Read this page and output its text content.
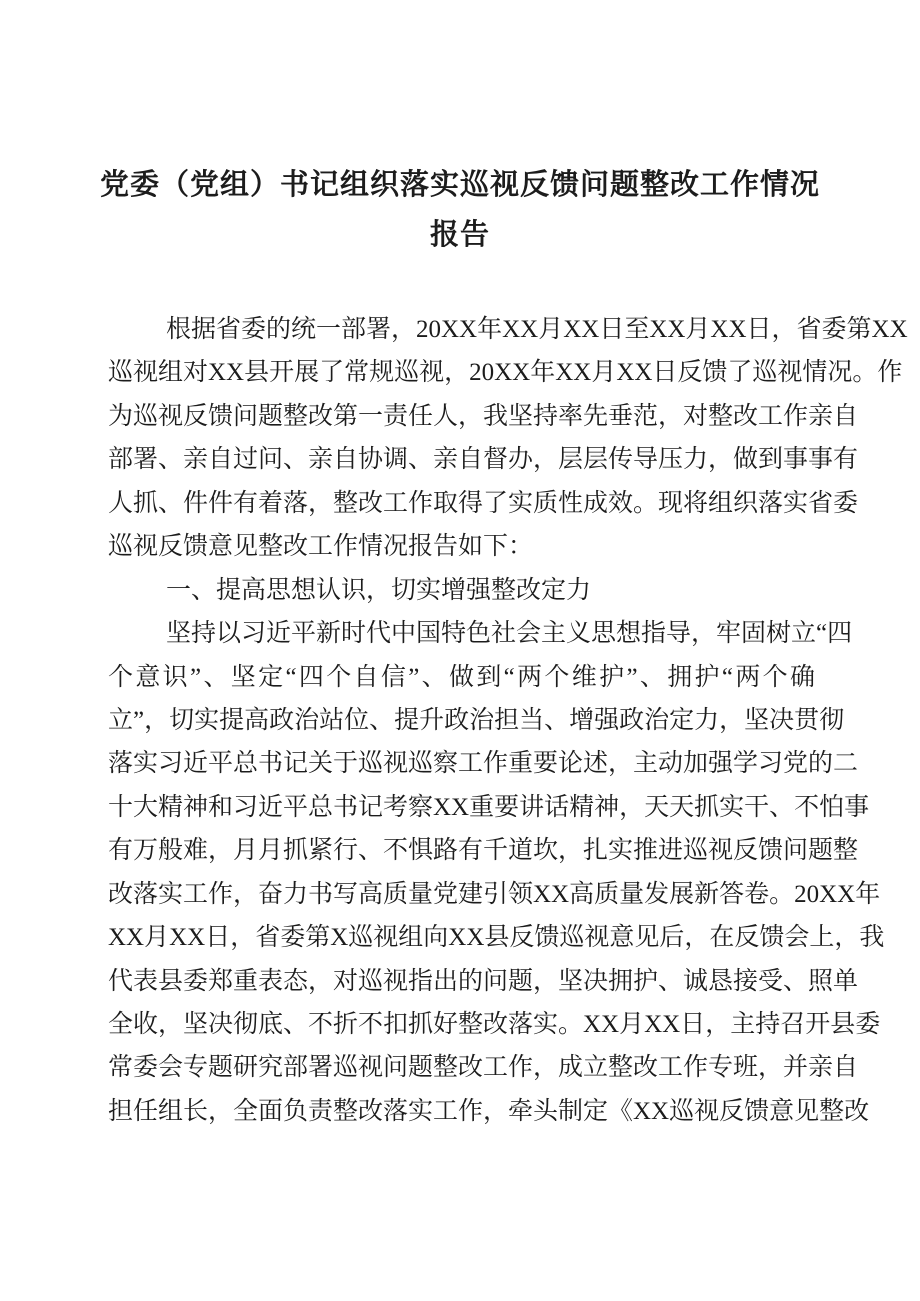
党委（党组）书记组织落实巡视反馈问题整改工作情况
报告
根据省委的统一部署，20XX年XX月XX日至XX月XX日，省委第XX
巡视组对XX县开展了常规巡视，20XX年XX月XX日反馈了巡视情况。作
为巡视反馈问题整改第一责任人，我坚持率先垂范，对整改工作亲自
部署、亲自过问、亲自协调、亲自督办，层层传导压力，做到事事有
人抓、件件有着落，整改工作取得了实质性成效。现将组织落实省委
巡视反馈意见整改工作情况报告如下：
一、提高思想认识，切实增强整改定力
坚持以习近平新时代中国特色社会主义思想指导，牢固树立“四
个意识”、坚定“四个自信”、做到“两个维护”、拥护“两个确
立”，切实提高政治站位、提升政治担当、增强政治定力，坚决贯彻
落实习近平总书记关于巡视巡察工作重要论述，主动加强学习党的二
十大精神和习近平总书记考察XX重要讲话精神，天天抓实干、不怕事
有万般难，月月抓紧行、不惧路有千道坎，扎实推进巡视反馈问题整
改落实工作，奋力书写高质量党建引领XX高质量发展新答卷。20XX年
XX月XX日，省委第X巡视组向XX县反馈巡视意见后，在反馈会上，我
代表县委郑重表态，对巡视指出的问题，坚决拥护、诚恳接受、照单
全收，坚决彻底、不折不扣抓好整改落实。XX月XX日，主持召开县委
常委会专题研究部署巡视问题整改工作，成立整改工作专班，并亲自
担任组长，全面负责整改落实工作，牵头制定《XX巡视反馈意见整改
